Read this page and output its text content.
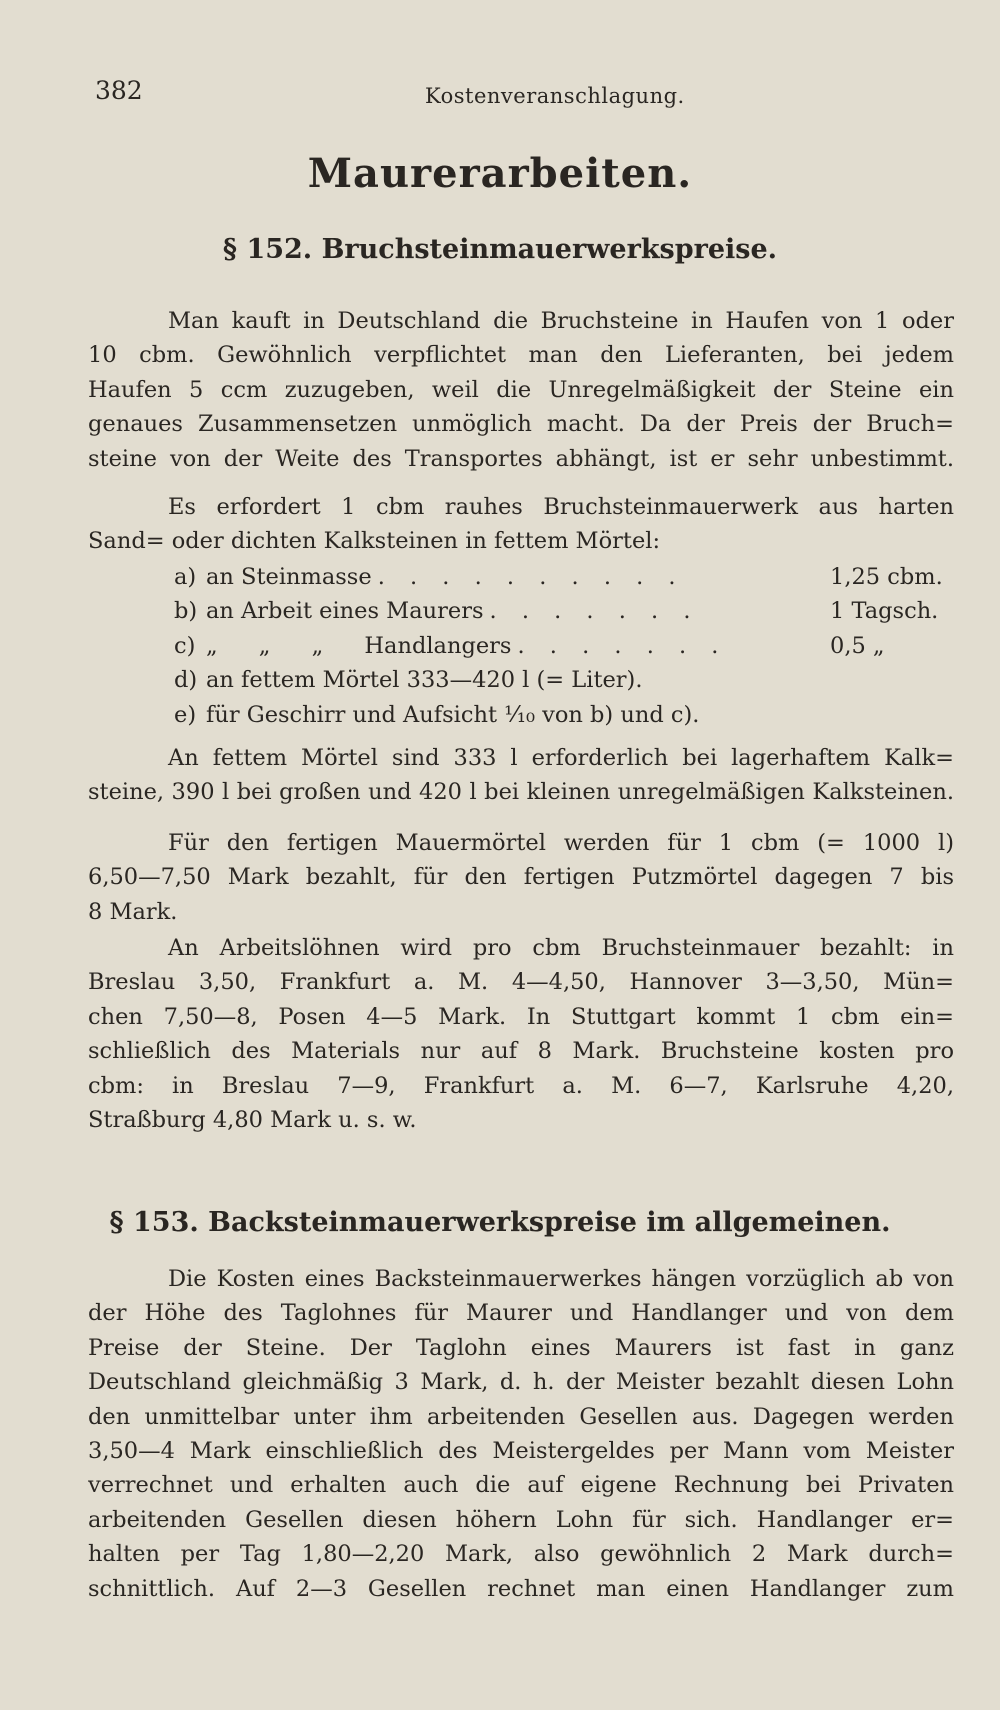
382	Kostenveranschlagung.
Maurerarbeiten.
§ 152. Bruchsteinmauerwerkspreise.
Man kauft in Deutschland die Bruchsteine in Haufen von 1 oder
10 cbm. Gewöhnlich verpflichtet man den Lieferanten, bei jedem
Haufen 5 ccm zuzugeben, weil die Unregelmäßigkeit der Steine ein
genaues Zusammensetzen unmöglich macht. Da der Preis der Bruch=
steine von der Weite des Transportes abhängt, ist er sehr unbestimmt.
Es erfordert 1 cbm rauhes Bruchsteinmauerwerk aus harten
Sand= oder dichten Kalksteinen in fettem Mörtel:
a) an Steinmasse . . . . . . . . . .	1,25 cbm.
b) an Arbeit eines Maurers . . . . . . .	1 Tagsch.
c) „ „ „ Handlangers . . . . . . .	0,5 „
d) an fettem Mörtel 333—420 l (= Liter).
e) für Geschirr und Aufsicht ¹⁄₁₀ von b) und c).
An fettem Mörtel sind 333 l erforderlich bei lagerhaftem Kalk=
steine, 390 l bei großen und 420 l bei kleinen unregelmäßigen Kalksteinen.
Für den fertigen Mauermörtel werden für 1 cbm (= 1000 l)
6,50—7,50 Mark bezahlt, für den fertigen Putzmörtel dagegen 7 bis
8 Mark.
An Arbeitslöhnen wird pro cbm Bruchsteinmauer bezahlt: in
Breslau 3,50, Frankfurt a. M. 4—4,50, Hannover 3—3,50, Mün=
chen 7,50—8, Posen 4—5 Mark. In Stuttgart kommt 1 cbm ein=
schließlich des Materials nur auf 8 Mark. Bruchsteine kosten pro
cbm: in Breslau 7—9, Frankfurt a. M. 6—7, Karlsruhe 4,20,
Straßburg 4,80 Mark u. s. w.
§ 153. Backsteinmauerwerkspreise im allgemeinen.
Die Kosten eines Backsteinmauerwerkes hängen vorzüglich ab von
der Höhe des Taglohnes für Maurer und Handlanger und von dem
Preise der Steine. Der Taglohn eines Maurers ist fast in ganz
Deutschland gleichmäßig 3 Mark, d. h. der Meister bezahlt diesen Lohn
den unmittelbar unter ihm arbeitenden Gesellen aus. Dagegen werden
3,50—4 Mark einschließlich des Meistergeldes per Mann vom Meister
verrechnet und erhalten auch die auf eigene Rechnung bei Privaten
arbeitenden Gesellen diesen höhern Lohn für sich. Handlanger er=
halten per Tag 1,80—2,20 Mark, also gewöhnlich 2 Mark durch=
schnittlich. Auf 2—3 Gesellen rechnet man einen Handlanger zum
